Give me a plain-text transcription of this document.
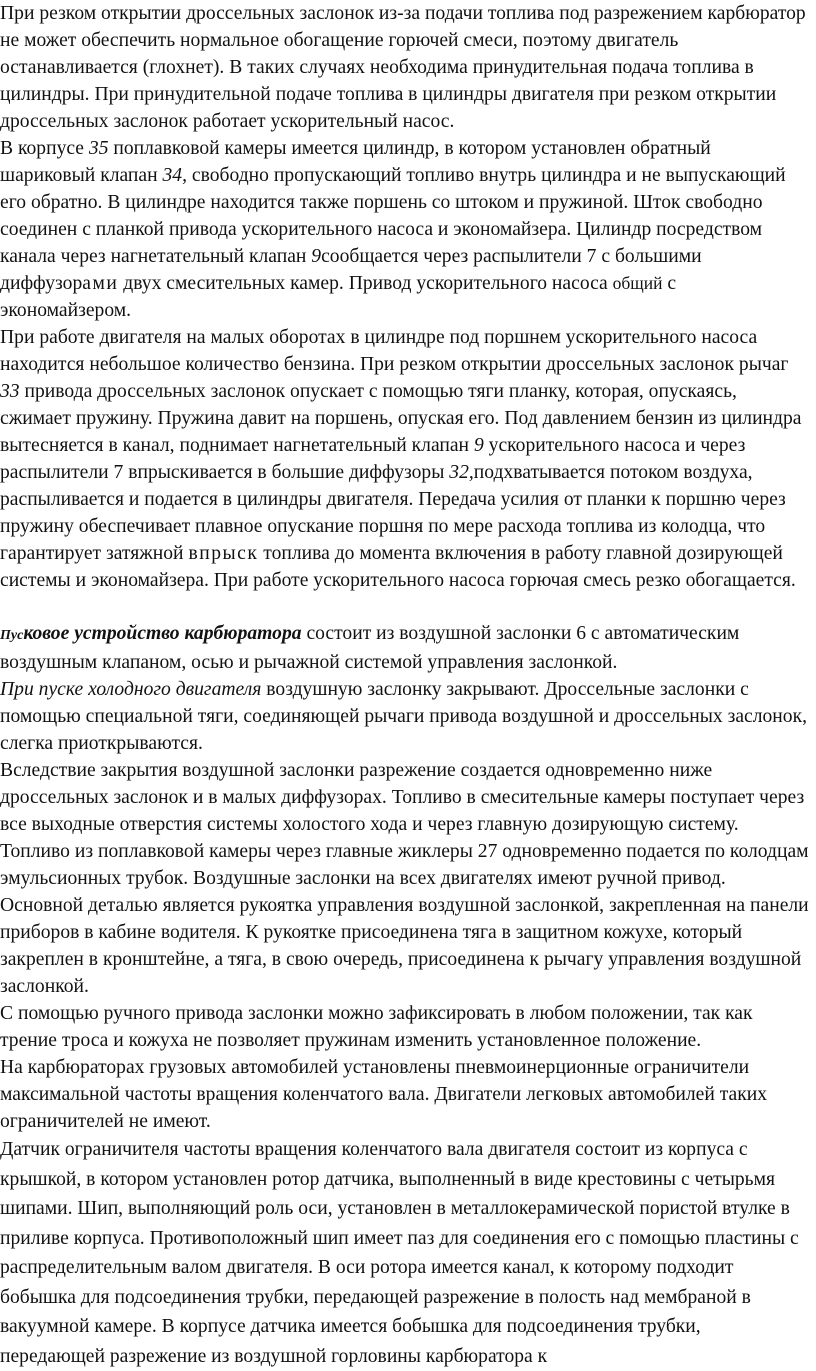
При резком открытии дроссельных заслонок из-за подачи топлива под разрежением карбюратор не может обеспечить нормальное обогащение горючей смеси, поэтому двигатель останавливается (глохнет). В таких случаях необходима принудительная подача топлива в цилиндры. При принудительной подаче топлива в цилиндры двигателя при резком открытии дроссельных заслонок работает ускорительный насос.

В корпусе 35 поплавковой камеры имеется цилиндр, в котором установлен обратный шариковый клапан 34, свободно пропускающий топливо внутрь цилиндра и не выпускающий его обратно. В цилиндре находится также поршень со штоком и пружиной. Шток свободно соединен с планкой привода ускорительного насоса и экономайзера. Цилиндр посредством канала через нагнетательный клапан 9сообщается через распылители 7 с большими диффузорами двух смесительных камер. Привод ускорительного насоса общий с экономайзером.

При работе двигателя на малых оборотах в цилиндре под поршнем ускорительного насоса находится небольшое количество бензина. При резком открытии дроссельных заслонок рычаг 33 привода дроссельных заслонок опускает с помощью тяги планку, которая, опускаясь, сжимает пружину. Пружина давит на поршень, опуская его. Под давлением бензин из цилиндра вытесняется в канал, поднимает нагнетательный клапан 9 ускорительного насоса и через распылители 7 впрыскивается в большие диффузоры 32,подхватывается потоком воздуха, распыливается и подается в цилиндры двигателя. Передача усилия от планки к поршню через пружину обеспечивает плавное опускание поршня по мере расхода топлива из колодца, что гарантирует затяжной впрыск топлива до момента включения в работу главной дозирующей системы и экономайзера. При работе ускорительного насоса горючая смесь резко обогащается.

Пусковое устройство карбюратора состоит из воздушной заслонки 6 с автоматическим воздушным клапаном, осью и рычажной системой управления заслонкой.

При пуске холодного двигателя воздушную заслонку закрывают. Дроссельные заслонки с помощью специальной тяги, соединяющей рычаги привода воздушной и дроссельных заслонок, слегка приоткрываются.

Вследствие закрытия воздушной заслонки разрежение создается одновременно ниже дроссельных заслонок и в малых диффузорах. Топливо в смесительные камеры поступает через все выходные отверстия системы холостого хода и через главную дозирующую систему. Топливо из поплавковой камеры через главные жиклеры 27 одновременно подается по колодцам эмульсионных трубок. Воздушные заслонки на всех двигателях имеют ручной привод. Основной деталью является рукоятка управления воздушной заслонкой, закрепленная на панели приборов в кабине водителя. К рукоятке присоединена тяга в защитном кожухе, который закреплен в кронштейне, а тяга, в свою очередь, присоединена к рычагу управления воздушной заслонкой.

С помощью ручного привода заслонки можно зафиксировать в любом положении, так как трение троса и кожуха не позволяет пружинам изменить установленное положение.

На карбюраторах грузовых автомобилей установлены пневмоинерционные ограничители максимальной частоты вращения коленчатого вала. Двигатели легковых автомобилей таких ограничителей не имеют.

Датчик ограничителя частоты вращения коленчатого вала двигателя состоит из корпуса с крышкой, в котором установлен ротор датчика, выполненный в виде крестовины с четырьмя шипами. Шип, выполняющий роль оси, установлен в металлокерамической пористой втулке в приливе корпуса. Противоположный шип имеет паз для соединения его с помощью пластины с распределительным валом двигателя. В оси ротора имеется канал, к которому подходит бобышка для подсоединения трубки, передающей разрежение в полость над мембраной в вакуумной камере. В корпусе датчика имеется бобышка для подсоединения трубки, передающей разрежение из воздушной горловины карбюратора к
